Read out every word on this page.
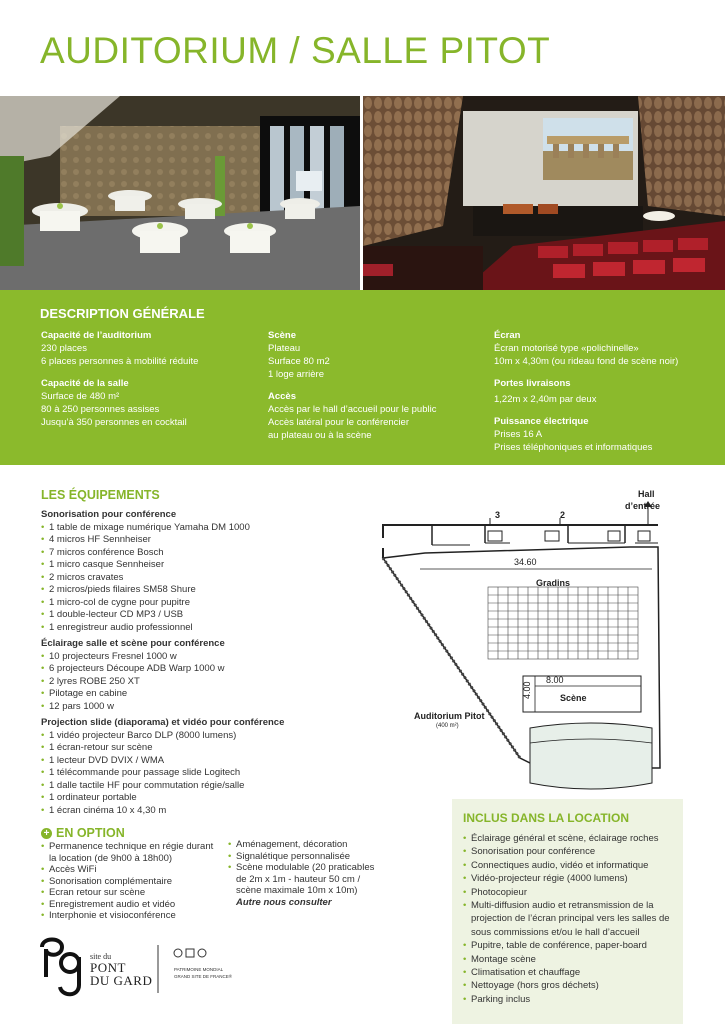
AUDITORIUM / SALLE PITOT
DESCRIPTION GÉNÉRALE
Capacité de l’auditorium
230 places
6 places personnes à mobilité réduite
Capacité de la salle
Surface de 480 m²
80 à 250 personnes assises
Jusqu’à 350 personnes en cocktail
Scène
Plateau
Surface 80 m2
1 loge arrière
Accès
Accès par le hall d’accueil pour le public
Accès latéral pour le conférencier
au plateau ou à la scène
Écran
Écran motorisé type «polichinelle»
10m x 4,30m (ou rideau fond de scène noir)
Portes livraisons
1,22m x 2,40m par deux
Puissance électrique
Prises 16 A
Prises téléphoniques et informatiques
LES ÉQUIPEMENTS
Sonorisation pour conférence
• 1 table de mixage numérique Yamaha DM 1000
• 4 micros HF Sennheiser
• 7 micros conférence Bosch
• 1 micro casque Sennheiser
• 2 micros cravates
• 2 micros/pieds filaires SM58 Shure
• 1 micro-col de cygne pour pupitre
• 1 double-lecteur CD MP3 / USB
• 1 enregistreur audio professionnel
Éclairage salle et scène pour conférence
• 10 projecteurs Fresnel 1000 w
• 6 projecteurs Découpe ADB Warp 1000 w
• 2 lyres ROBE 250 XT
• Pilotage en cabine
• 12 pars 1000 w
Projection slide (diaporama) et vidéo pour conférence
• 1 vidéo projecteur Barco DLP (8000 lumens)
• 1 écran-retour sur scène
• 1 lecteur DVD DVIX / WMA
• 1 télécommande pour passage slide Logitech
• 1 dalle tactile HF pour commutation régie/salle
• 1 ordinateur portable
• 1 écran cinéma 10 x 4,30 m
+ EN OPTION
• Permanence technique en régie durant la location (de 9h00 à 18h00)
• Accès WiFi
• Sonorisation complémentaire
• Ecran retour sur scène
• Enregistrement audio et vidéo
• Interphonie et visioconférence
• Aménagement, décoration
• Signalétique personnalisée
• Scène modulable (20 praticables de 2m x 1m - hauteur 50 cm / scène maximale 10m x 10m)
Autre nous consulter
site du
PONT
DU GARD
PATRIMOINE MONDIAL
GRAND SITE DE FRANCE®
Hall
d’entrée
3	2
34.60
Gradins
8.00
4.00	Scène
Auditorium Pitot
(400 m²)
INCLUS DANS LA LOCATION
• Éclairage général et scène, éclairage roches
• Sonorisation pour conférence
• Connectiques audio, vidéo et informatique
• Vidéo-projecteur régie (4000 lumens)
• Photocopieur
• Multi-diffusion audio et retransmission de la projection de l’écran principal vers les salles de sous commissions et/ou le hall d’accueil
• Pupitre, table de conférence, paper-board
• Montage scène
• Climatisation et chauffage
• Nettoyage (hors gros déchets)
• Parking inclus
